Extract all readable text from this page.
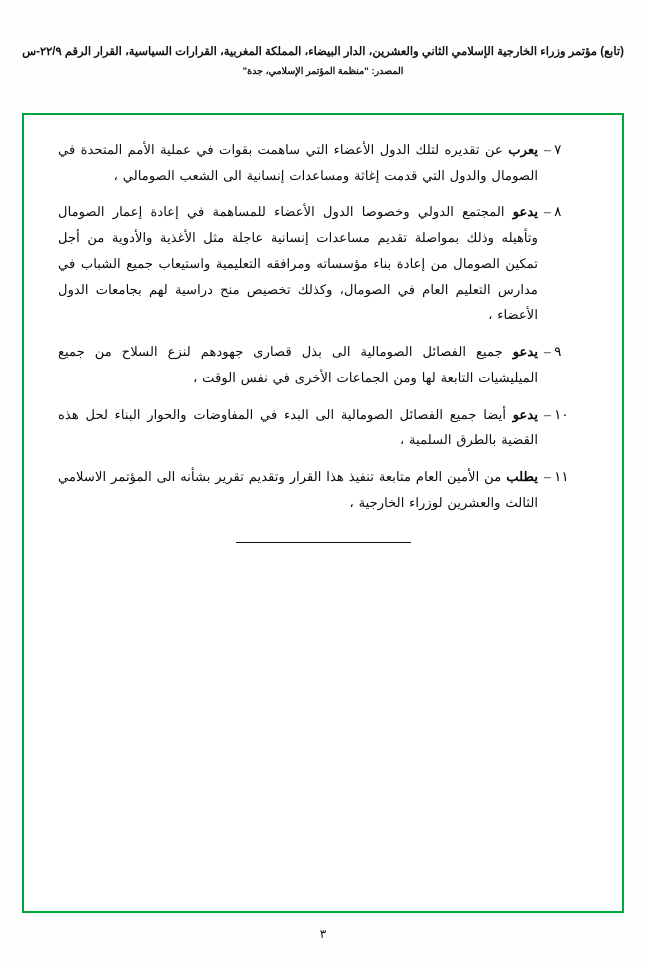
(تابع) مؤتمر وزراء الخارجية الإسلامي الثاني والعشرين، الدار البيضاء، المملكة المغربية، القرارات السياسية، القرار الرقم ٢٢/٩-س
المصدر: "منظمة المؤتمر الإسلامي، جدة"
٧ –
يعرب عن تقديره لتلك الدول الأعضاء التي ساهمت بقوات في عملية الأمم المتحدة في الصومال والدول التي قدمت إغاثة ومساعدات إنسانية الى الشعب الصومالي ،
٨ –
يدعو المجتمع الدولي وخصوصا الدول الأعضاء للمساهمة في إعادة إعمار الصومال وتأهيله وذلك بمواصلة تقديم مساعدات إنسانية عاجلة مثل الأغذية والأدوية من أجل تمكين الصومال من إعادة بناء مؤسساته ومرافقه التعليمية واستيعاب جميع الشباب في مدارس التعليم العام في الصومال، وكذلك تخصيص منح دراسية لهم بجامعات الدول الأعضاء ،
٩ –
يدعو جميع الفصائل الصومالية الى بذل قصارى جهودهم لنزع السلاح من جميع الميليشيات التابعة لها ومن الجماعات الأخرى في نفس الوقت ،
١٠ –
يدعو أيضا جميع الفصائل الصومالية الى البدء في المفاوضات والحوار البناء لحل هذه القضية بالطرق السلمية ،
١١ –
يطلب من الأمين العام متابعة تنفيذ هذا القرار وتقديم تقرير بشأنه الى المؤتمر الاسلامي الثالث والعشرين لوزراء الخارجية ،
٣
